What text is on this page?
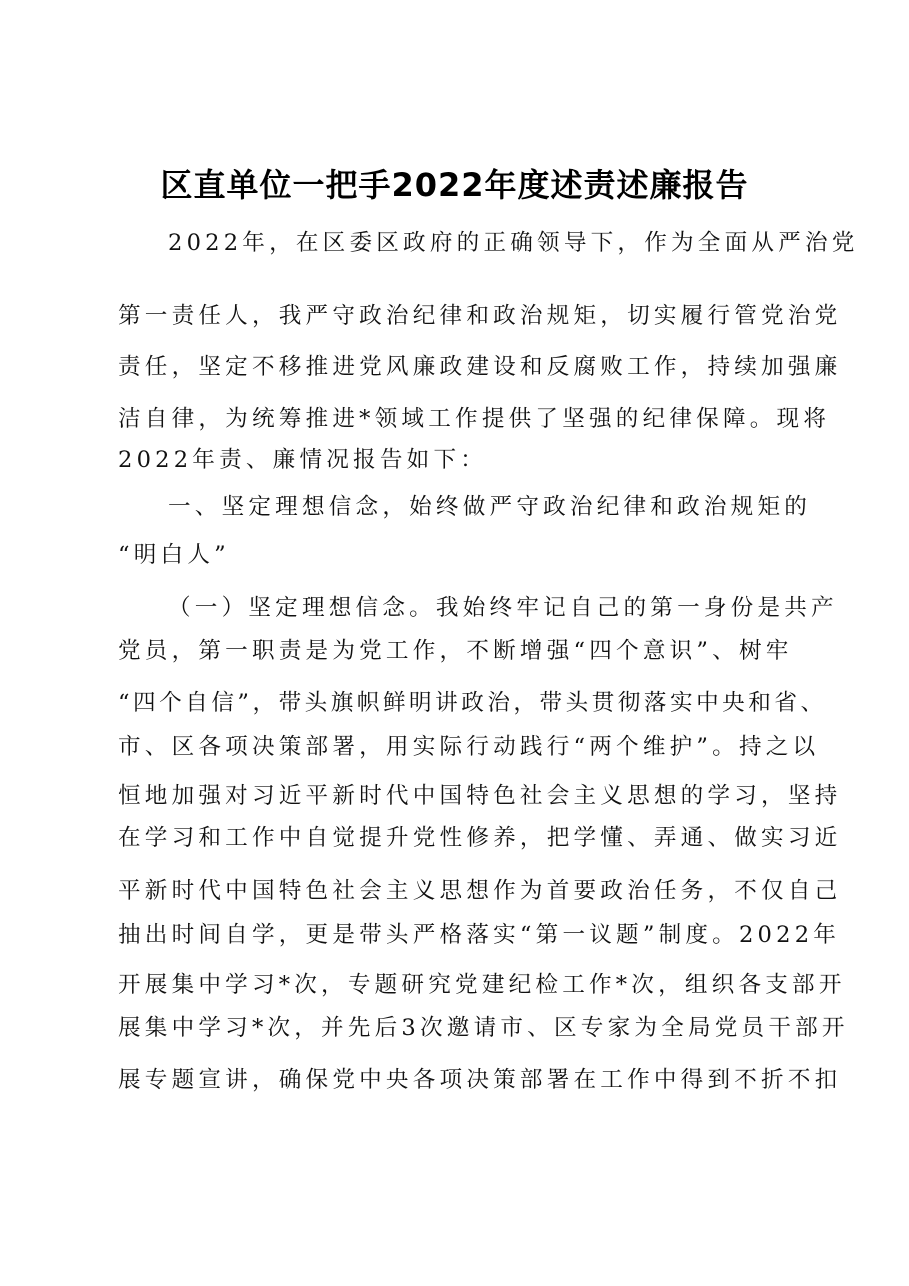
区直单位一把手2022年度述责述廉报告
2022年，在区委区政府的正确领导下，作为全面从严治党
第一责任人，我严守政治纪律和政治规矩，切实履行管党治党
责任，坚定不移推进党风廉政建设和反腐败工作，持续加强廉
洁自律，为统筹推进*领域工作提供了坚强的纪律保障。现将
2022年责、廉情况报告如下：
一、坚定理想信念，始终做严守政治纪律和政治规矩的
“明白人”
（一）坚定理想信念。我始终牢记自己的第一身份是共产
党员，第一职责是为党工作，不断增强“四个意识”、树牢
“四个自信”，带头旗帜鲜明讲政治，带头贯彻落实中央和省、
市、区各项决策部署，用实际行动践行“两个维护”。持之以
恒地加强对习近平新时代中国特色社会主义思想的学习，坚持
在学习和工作中自觉提升党性修养，把学懂、弄通、做实习近
平新时代中国特色社会主义思想作为首要政治任务，不仅自己
抽出时间自学，更是带头严格落实“第一议题”制度。2022年
开展集中学习*次，专题研究党建纪检工作*次，组织各支部开
展集中学习*次，并先后3次邀请市、区专家为全局党员干部开
展专题宣讲，确保党中央各项决策部署在工作中得到不折不扣
